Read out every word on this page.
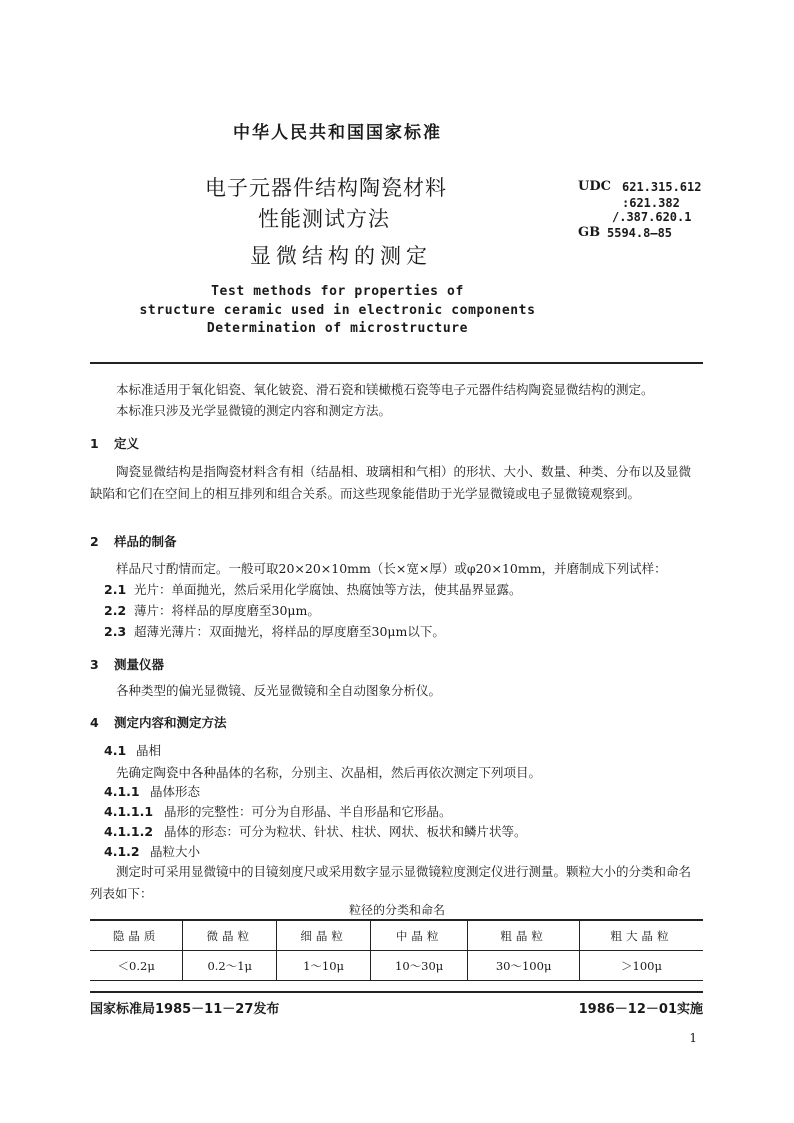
中华人民共和国国家标准
电子元器件结构陶瓷材料
性能测试方法
显微结构的测定
Test methods for properties of
structure ceramic used in electronic components
Determination of microstructure
UDC 621.315.612
:621.382
/.387.620.1
GB 5594.8—85
本标准适用于氧化铝瓷、氧化铍瓷、滑石瓷和镁橄榄石瓷等电子元器件结构陶瓷显微结构的测定。
本标准只涉及光学显微镜的测定内容和测定方法。
1 定义
陶瓷显微结构是指陶瓷材料含有相（结晶相、玻璃相和气相）的形状、大小、数量、种类、分布以及显微缺陷和它们在空间上的相互排列和组合关系。而这些现象能借助于光学显微镜或电子显微镜观察到。
2 样品的制备
样品尺寸酌情而定。一般可取20×20×10mm（长×宽×厚）或φ20×10mm，并磨制成下列试样：
2.1 光片：单面抛光，然后采用化学腐蚀、热腐蚀等方法，使其晶界显露。
2.2 薄片：将样品的厚度磨至30μm。
2.3 超薄光薄片：双面抛光，将样品的厚度磨至30μm以下。
3 测量仪器
各种类型的偏光显微镜、反光显微镜和全自动图象分析仪。
4 测定内容和测定方法
4.1 晶相
先确定陶瓷中各种晶体的名称，分别主、次晶相，然后再依次测定下列项目。
4.1.1 晶体形态
4.1.1.1 晶形的完整性：可分为自形晶、半自形晶和它形晶。
4.1.1.2 晶体的形态：可分为粒状、针状、柱状、网状、板状和鳞片状等。
4.1.2 晶粒大小
测定时可采用显微镜中的目镜刻度尺或采用数字显示显微镜粒度测定仪进行测量。颗粒大小的分类和命名列表如下：
粒径的分类和命名
隐晶质	微晶粒	细晶粒	中晶粒	粗晶粒	粗大晶粒
＜0.2μ	0.2～1μ	1～10μ	10～30μ	30～100μ	＞100μ
国家标准局1985－11－27发布	1986－12－01实施
1
